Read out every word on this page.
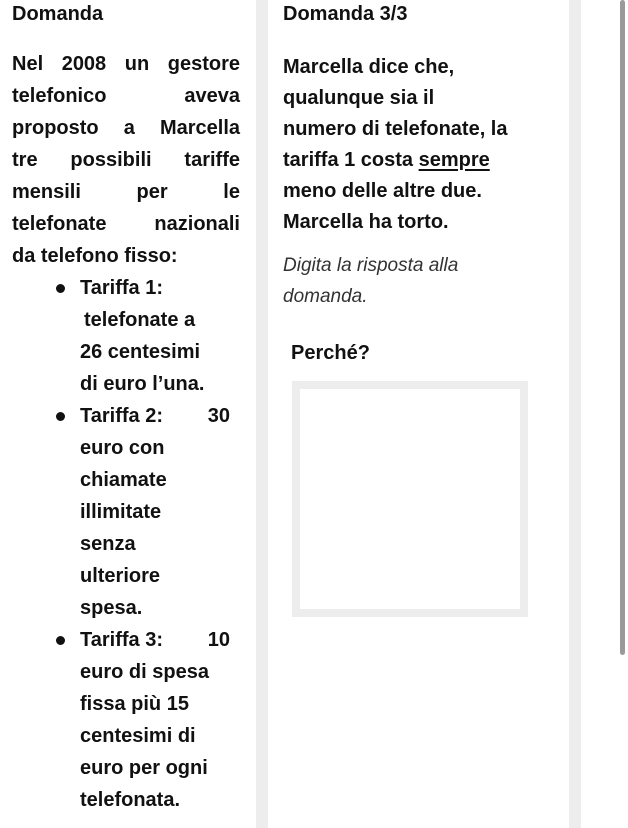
Domanda
Nel 2008 un gestore
telefonico aveva
proposto a Marcella
tre possibili tariffe
mensili per le
telefonate nazionali
da telefono fisso:
Tariffa 1:
telefonate a
26 centesimi
di euro l’una.
Tariffa 2: 30
euro con
chiamate
illimitate
senza
ulteriore
spesa.
Tariffa 3: 10
euro di spesa
fissa più 15
centesimi di
euro per ogni
telefonata.
Domanda 3/3
Marcella dice che,
qualunque sia il
numero di telefonate, la
tariffa 1 costa sempre
meno delle altre due.
Marcella ha torto.
Digita la risposta alla
domanda.
Perché?
